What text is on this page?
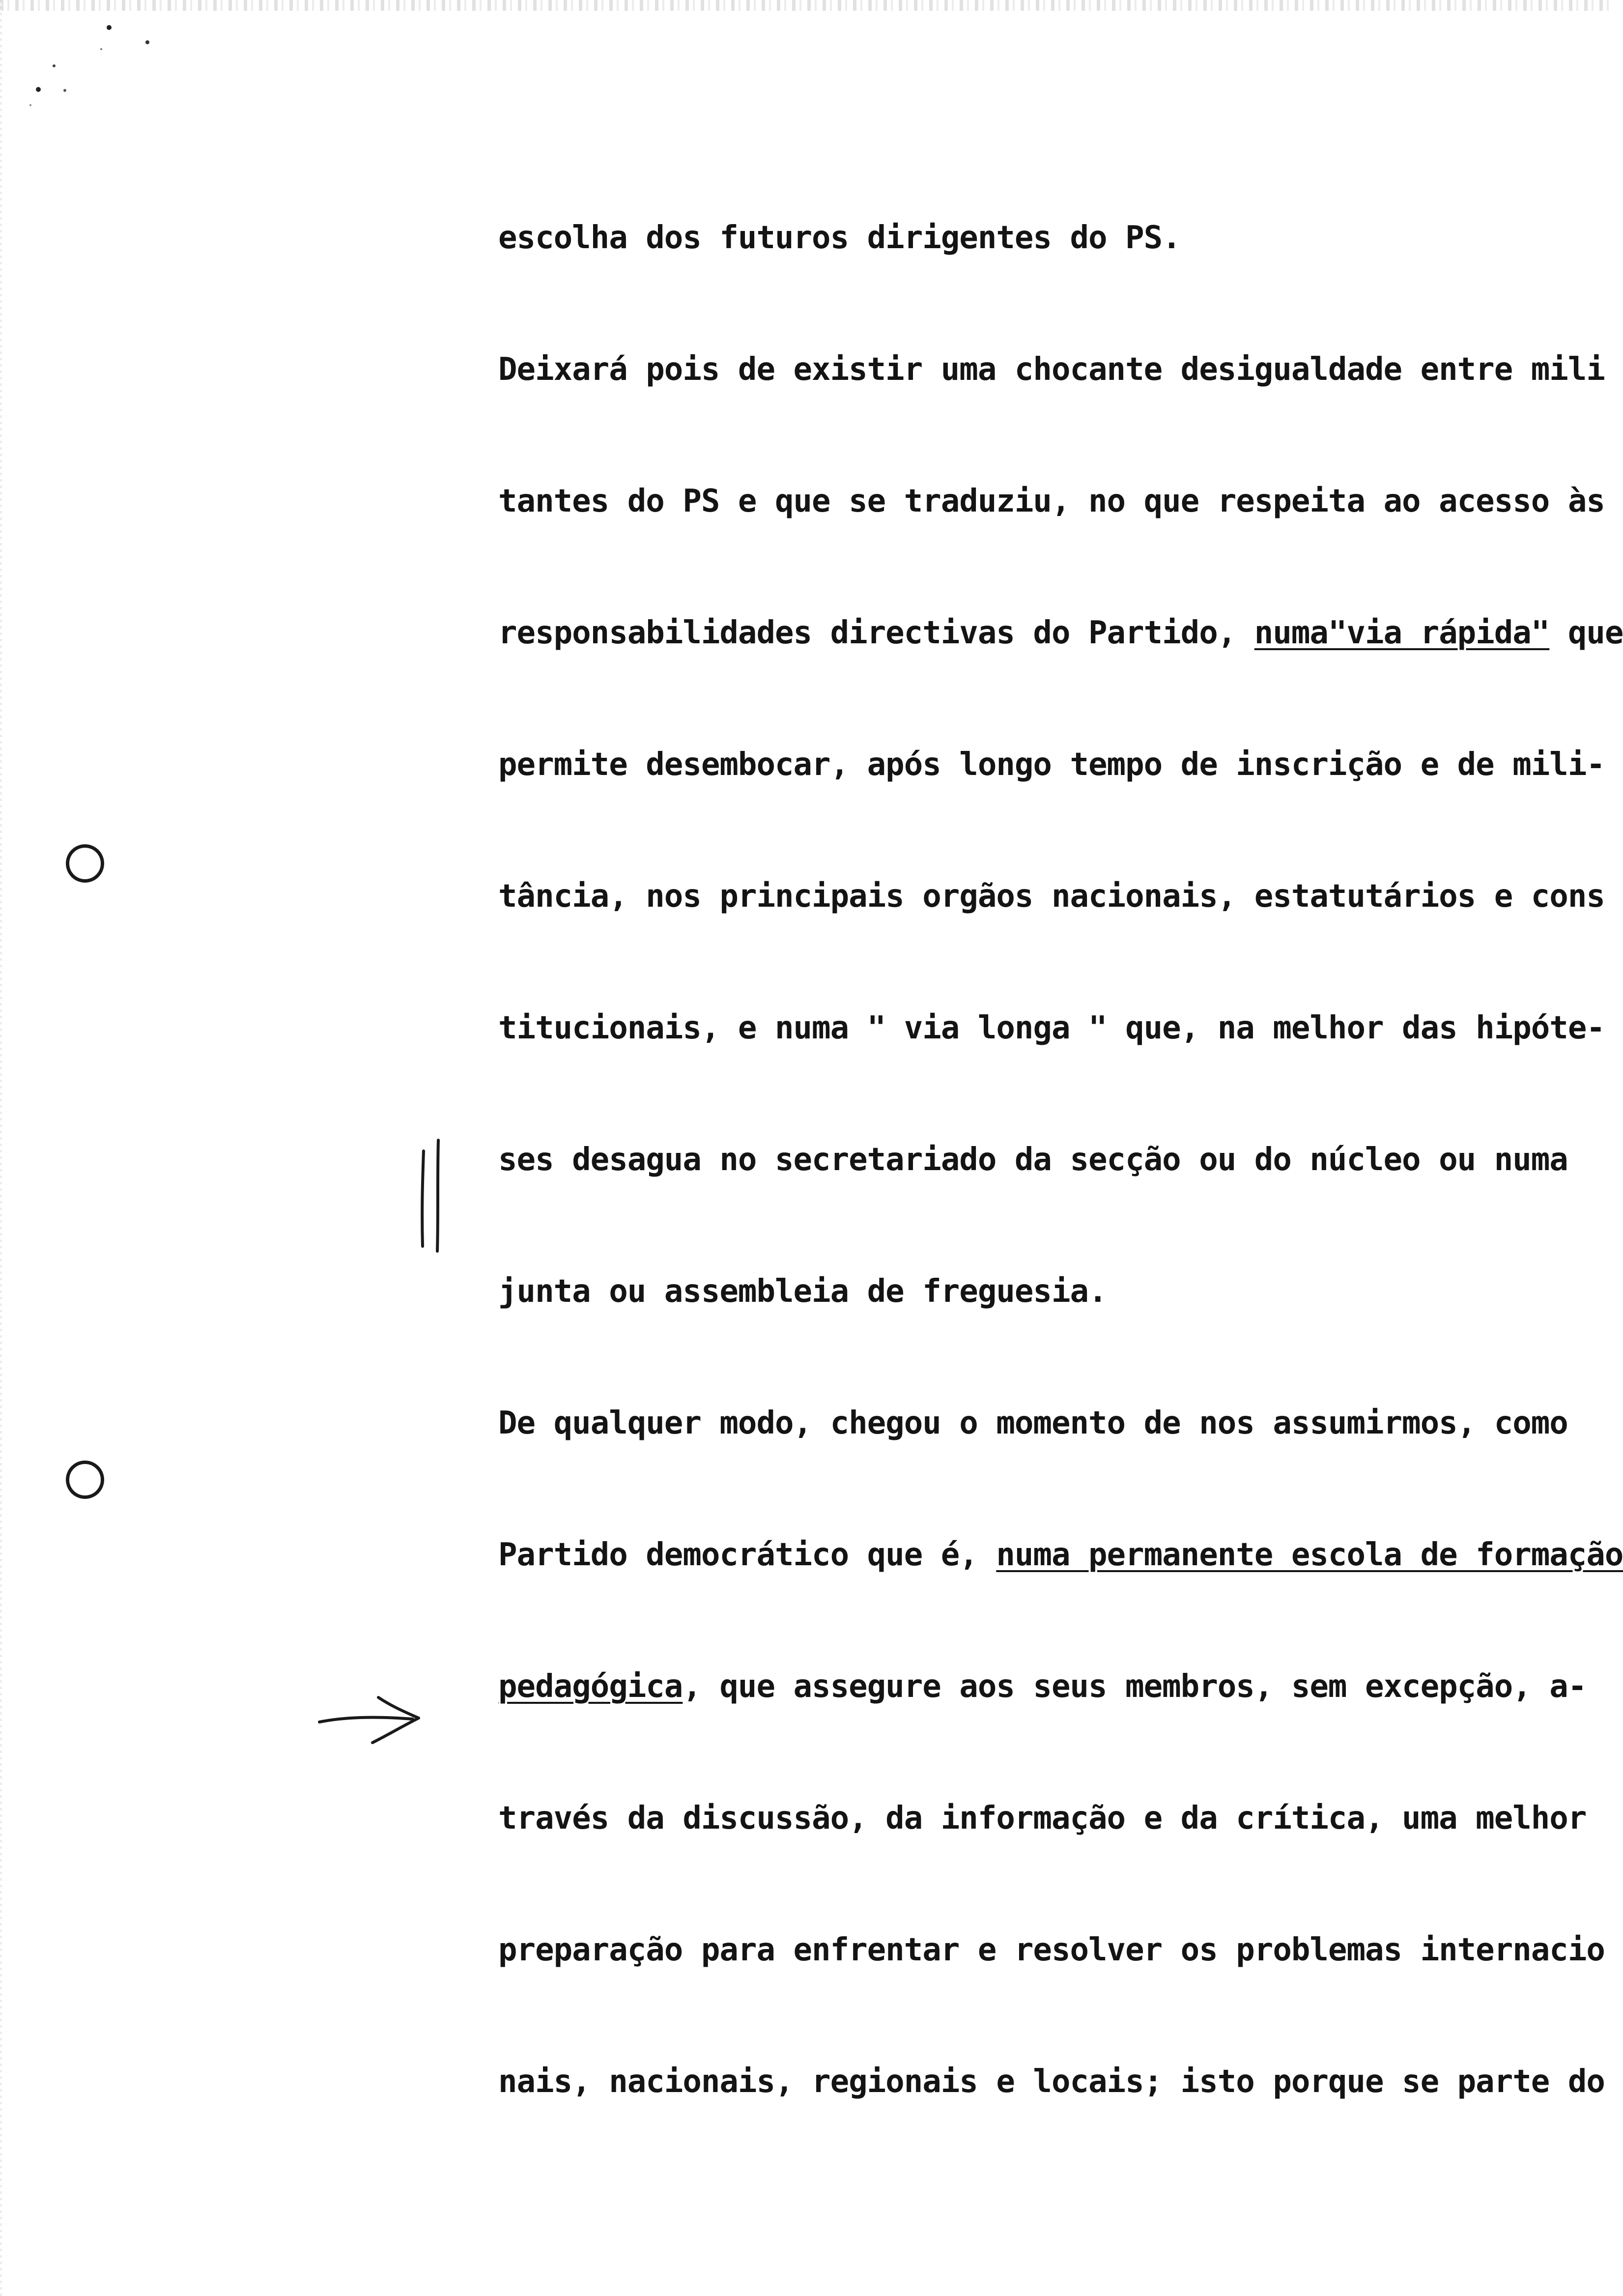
escolha dos futuros dirigentes do PS.
Deixará pois de existir uma chocante desigualdade entre mili
tantes do PS e que se traduziu, no que respeita ao acesso às
responsabilidades directivas do Partido, numa"via rápida" que
permite desembocar, após longo tempo de inscrição e de mili-
tância, nos principais orgãos nacionais, estatutários e cons
titucionais, e numa " via longa " que, na melhor das hipóte-
ses desagua no secretariado da secção ou do núcleo ou numa
junta ou assembleia de freguesia.
De qualquer modo, chegou o momento de nos assumirmos, como
Partido democrático que é, numa permanente escola de formação
pedagógica, que assegure aos seus membros, sem excepção, a-
través da discussão, da informação e da crítica, uma melhor
preparação para enfrentar e resolver os problemas internacio
nais, nacionais, regionais e locais; isto porque se parte do
